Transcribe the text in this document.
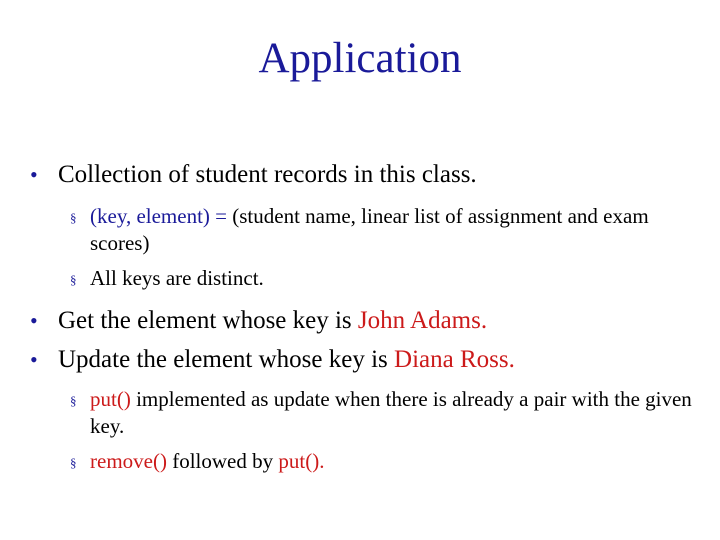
Application
• Collection of student records in this class.
§ (key, element) = (student name, linear list of assignment and exam scores)
§ All keys are distinct.
• Get the element whose key is John Adams.
• Update the element whose key is Diana Ross.
§ put() implemented as update when there is already a pair with the given key.
§ remove() followed by put().
